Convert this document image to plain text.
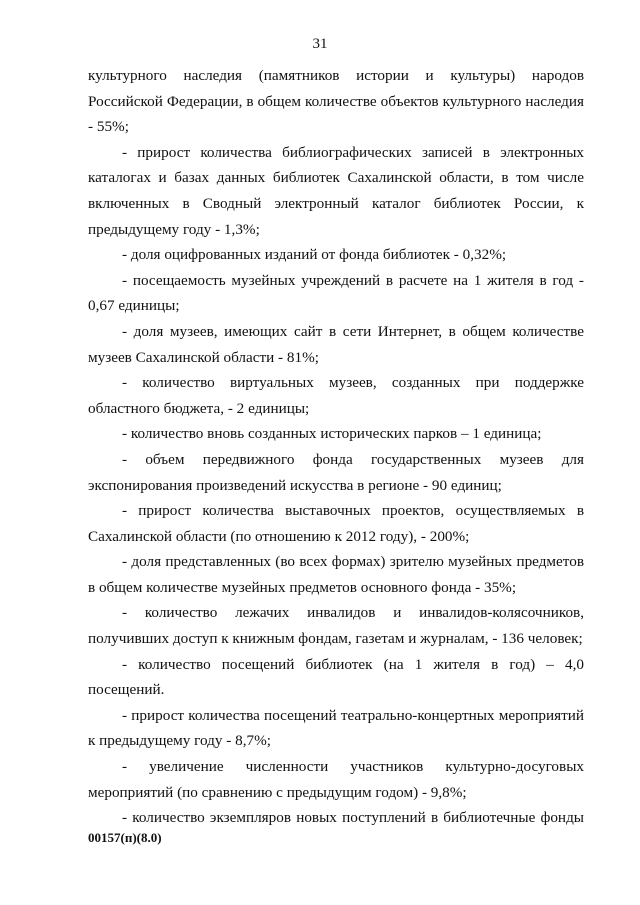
31

культурного наследия (памятников истории и культуры) народов Российской Федерации, в общем количестве объектов культурного наследия - 55%;

- прирост количества библиографических записей в электронных каталогах и базах данных библиотек Сахалинской области, в том числе включенных в Сводный электронный каталог библиотек России, к предыдущему году - 1,3%;

- доля оцифрованных изданий от фонда библиотек - 0,32%;

- посещаемость музейных учреждений в расчете на 1 жителя в год - 0,67 единицы;

- доля музеев, имеющих сайт в сети Интернет, в общем количестве музеев Сахалинской области - 81%;

- количество виртуальных музеев, созданных при поддержке областного бюджета, - 2 единицы;

- количество вновь созданных исторических парков – 1 единица;

- объем передвижного фонда государственных музеев для экспонирования произведений искусства в регионе - 90 единиц;

- прирост количества выставочных проектов, осуществляемых в Сахалинской области (по отношению к 2012 году), - 200%;

- доля представленных (во всех формах) зрителю музейных предметов в общем количестве музейных предметов основного фонда - 35%;

- количество лежачих инвалидов и инвалидов-колясочников, получивших доступ к книжным фондам, газетам и журналам, - 136 человек;

- количество посещений библиотек (на 1 жителя в год) – 4,0 посещений.

- прирост количества посещений театрально-концертных мероприятий к предыдущему году - 8,7%;

- увеличение численности участников культурно-досуговых мероприятий (по сравнению с предыдущим годом) - 9,8%;

- количество экземпляров новых поступлений в библиотечные фонды

00157(п)(8.0)
